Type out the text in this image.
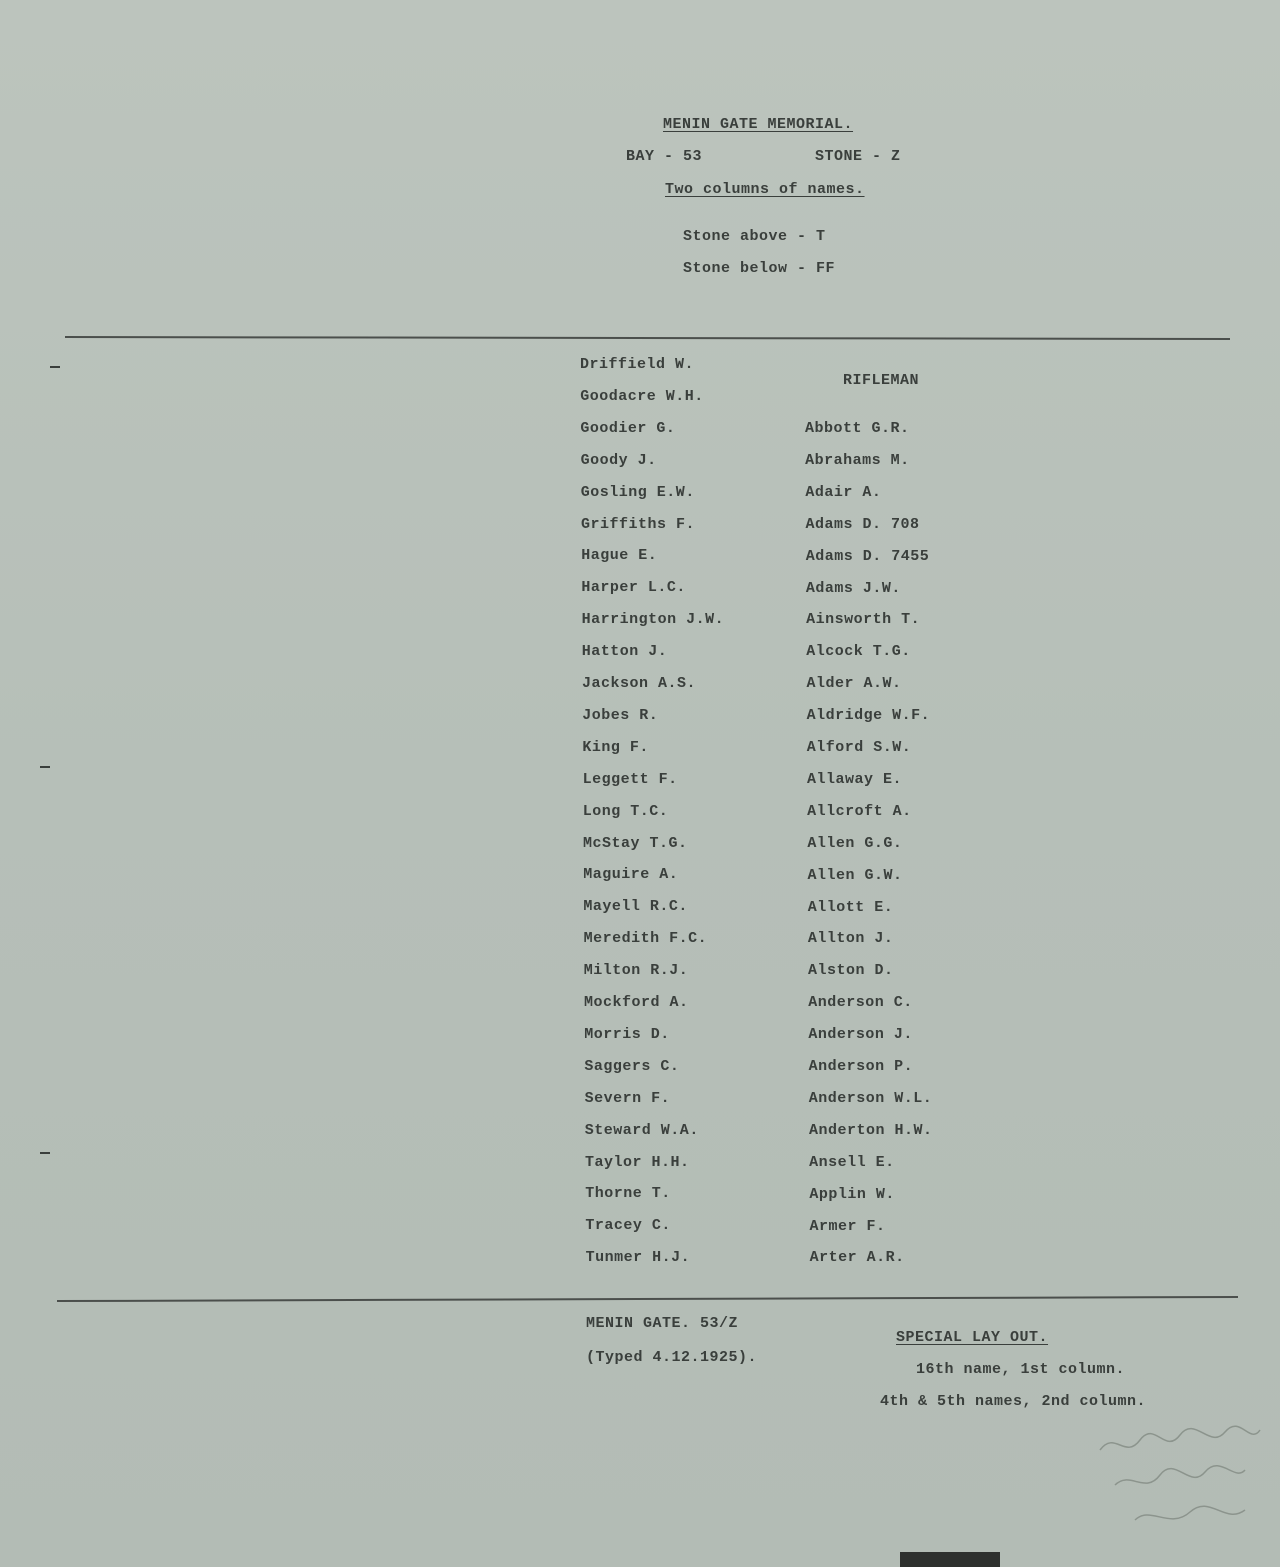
MENIN GATE MEMORIAL.
BAY - 53	STONE - Z
Two columns of names.
Stone above - T
Stone below - FF
Driffield W.
Goodacre W.H.
Goodier G.
Goody J.
Gosling E.W.
Griffiths F.
Hague E.
Harper L.C.
Harrington J.W.
Hatton J.
Jackson A.S.
Jobes R.
King F.
Leggett F.
Long T.C.
McStay T.G.
Maguire A.
Mayell R.C.
Meredith F.C.
Milton R.J.
Mockford A.
Morris D.
Saggers C.
Severn F.
Steward W.A.
Taylor H.H.
Thorne T.
Tracey C.
Tunmer H.J.
RIFLEMAN
Abbott G.R.
Abrahams M.
Adair A.
Adams D. 708
Adams D. 7455
Adams J.W.
Ainsworth T.
Alcock T.G.
Alder A.W.
Aldridge W.F.
Alford S.W.
Allaway E.
Allcroft A.
Allen G.G.
Allen G.W.
Allott E.
Allton J.
Alston D.
Anderson C.
Anderson J.
Anderson P.
Anderson W.L.
Anderton H.W.
Ansell E.
Applin W.
Armer F.
Arter A.R.
MENIN GATE. 53/Z
(Typed 4.12.1925).
SPECIAL LAY OUT.
16th name, 1st column.
4th & 5th names, 2nd column.
